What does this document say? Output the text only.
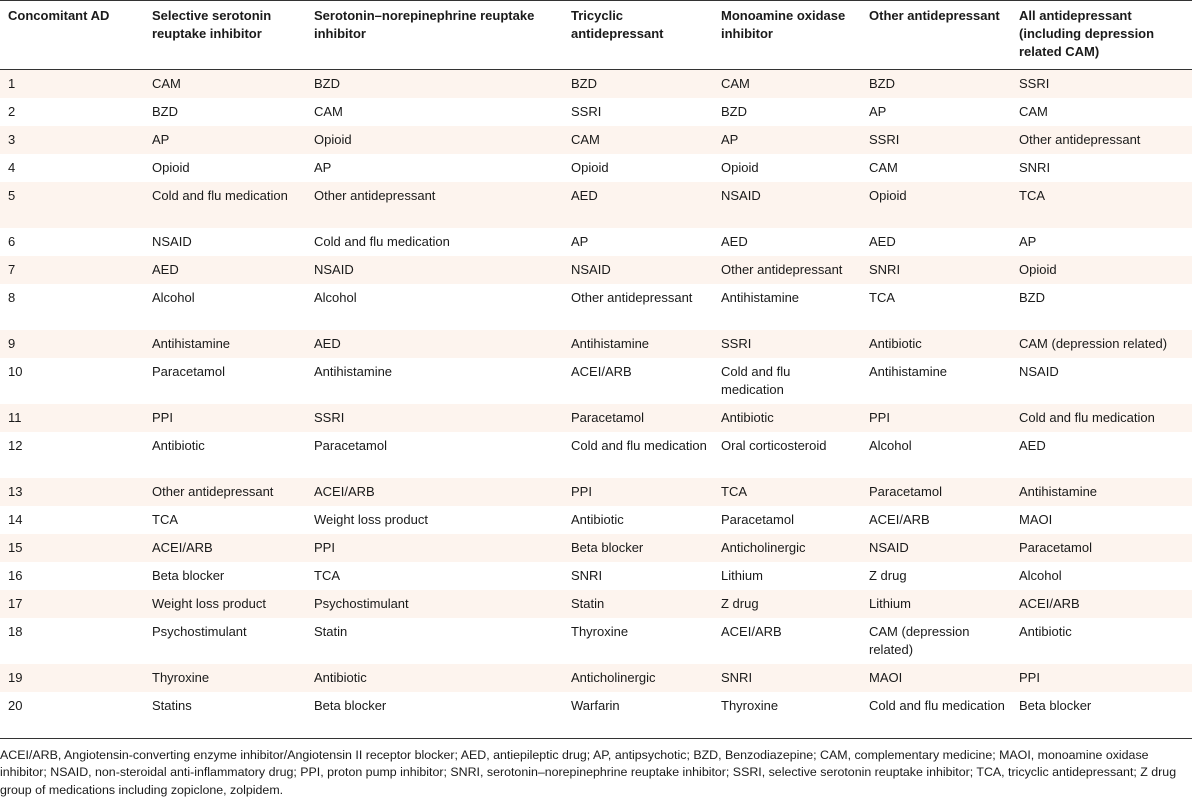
Concomitant AD	Selective serotonin reuptake inhibitor	Serotonin–norepinephrine reuptake inhibitor	Tricyclic antidepressant	Monoamine oxidase inhibitor	Other antidepressant	All antidepressant (including depression related CAM)
1	CAM	BZD	BZD	CAM	BZD	SSRI
2	BZD	CAM	SSRI	BZD	AP	CAM
3	AP	Opioid	CAM	AP	SSRI	Other antidepressant
4	Opioid	AP	Opioid	Opioid	CAM	SNRI
5	Cold and flu medication	Other antidepressant	AED	NSAID	Opioid	TCA
6	NSAID	Cold and flu medication	AP	AED	AED	AP
7	AED	NSAID	NSAID	Other antidepressant	SNRI	Opioid
8	Alcohol	Alcohol	Other antidepressant	Antihistamine	TCA	BZD
9	Antihistamine	AED	Antihistamine	SSRI	Antibiotic	CAM (depression related)
10	Paracetamol	Antihistamine	ACEI/ARB	Cold and flu medication	Antihistamine	NSAID
11	PPI	SSRI	Paracetamol	Antibiotic	PPI	Cold and flu medication
12	Antibiotic	Paracetamol	Cold and flu medication	Oral corticosteroid	Alcohol	AED
13	Other antidepressant	ACEI/ARB	PPI	TCA	Paracetamol	Antihistamine
14	TCA	Weight loss product	Antibiotic	Paracetamol	ACEI/ARB	MAOI
15	ACEI/ARB	PPI	Beta blocker	Anticholinergic	NSAID	Paracetamol
16	Beta blocker	TCA	SNRI	Lithium	Z drug	Alcohol
17	Weight loss product	Psychostimulant	Statin	Z drug	Lithium	ACEI/ARB
18	Psychostimulant	Statin	Thyroxine	ACEI/ARB	CAM (depression related)	Antibiotic
19	Thyroxine	Antibiotic	Anticholinergic	SNRI	MAOI	PPI
20	Statins	Beta blocker	Warfarin	Thyroxine	Cold and flu medication	Beta blocker
ACEI/ARB, Angiotensin-converting enzyme inhibitor/Angiotensin II receptor blocker; AED, antiepileptic drug; AP, antipsychotic; BZD, Benzodiazepine; CAM, complementary medicine; MAOI, monoamine oxidase inhibitor; NSAID, non-steroidal anti-inflammatory drug; PPI, proton pump inhibitor; SNRI, serotonin–norepinephrine reuptake inhibitor; SSRI, selective serotonin reuptake inhibitor; TCA, tricyclic antidepressant; Z drug group of medications including zopiclone, zolpidem.
